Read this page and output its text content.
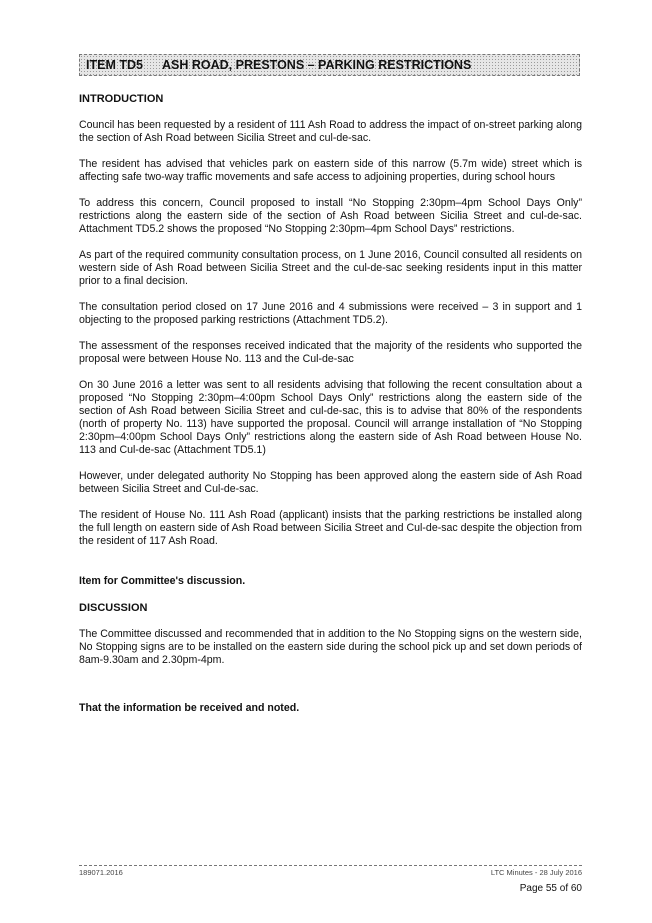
ITEM TD5	ASH ROAD, PRESTONS – PARKING RESTRICTIONS
INTRODUCTION

Council has been requested by a resident of 111 Ash Road to address the impact of on-street parking along the section of Ash Road between Sicilia Street and cul-de-sac.

The resident has advised that vehicles park on eastern side of this narrow (5.7m wide) street which is affecting safe two-way traffic movements and safe access to adjoining properties, during school hours

To address this concern, Council proposed to install “No Stopping 2:30pm–4pm School Days Only” restrictions along the eastern side of the section of Ash Road between Sicilia Street and cul-de-sac. Attachment TD5.2 shows the proposed “No Stopping 2:30pm–4pm School Days” restrictions.

As part of the required community consultation process, on 1 June 2016, Council consulted all residents on western side of Ash Road between Sicilia Street and the cul-de-sac seeking residents input in this matter prior to a final decision.

The consultation period closed on 17 June 2016 and 4 submissions were received – 3 in support and 1 objecting to the proposed parking restrictions (Attachment TD5.2).

The assessment of the responses received indicated that the majority of the residents who supported the proposal were between House No. 113 and the Cul-de-sac

On 30 June 2016 a letter was sent to all residents advising that following the recent consultation about a proposed “No Stopping 2:30pm–4:00pm School Days Only” restrictions along the eastern side of the section of Ash Road between Sicilia Street and cul-de-sac, this is to advise that 80% of the respondents (north of property No. 113) have supported the proposal. Council will arrange installation of “No Stopping 2:30pm–4:00pm School Days Only” restrictions along the eastern side of Ash Road between House No. 113 and Cul-de-sac (Attachment TD5.1)

However, under delegated authority No Stopping has been approved along the eastern side of Ash Road between Sicilia Street and Cul-de-sac.

The resident of House No. 111 Ash Road (applicant) insists that the parking restrictions be installed along the full length on eastern side of Ash Road between Sicilia Street and Cul-de-sac despite the objection from the resident of 117 Ash Road.

Item for Committee's discussion.

DISCUSSION

The Committee discussed and recommended that in addition to the No Stopping signs on the western side, No Stopping signs are to be installed on the eastern side during the school pick up and set down periods of 8am-9.30am and 2.30pm-4pm.

That the information be received and noted.

189071.2016	LTC Minutes - 28 July 2016
Page 55 of 60
